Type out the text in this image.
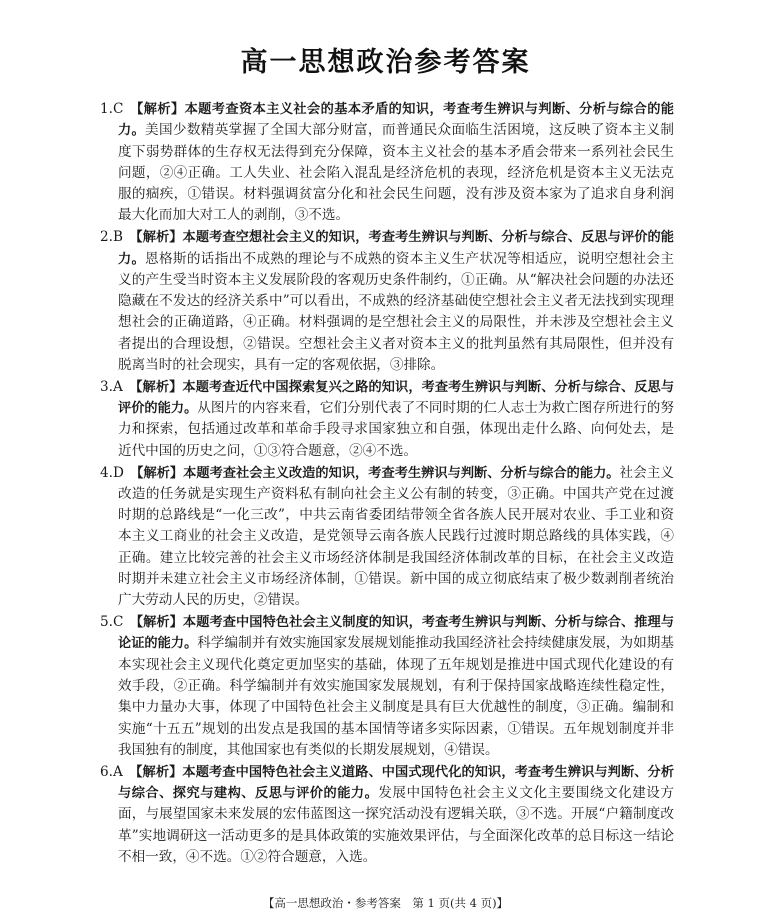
高一思想政治参考答案

1.C 【解析】本题考查资本主义社会的基本矛盾的知识，考查考生辨识与判断、分析与综合的能力。美国少数精英掌握了全国大部分财富，而普通民众面临生活困境，这反映了资本主义制度下弱势群体的生存权无法得到充分保障，资本主义社会的基本矛盾会带来一系列社会民生问题，②④正确。工人失业、社会陷入混乱是经济危机的表现，经济危机是资本主义无法克服的痼疾，①错误。材料强调贫富分化和社会民生问题，没有涉及资本家为了追求自身利润最大化而加大对工人的剥削，③不选。

2.B 【解析】本题考查空想社会主义的知识，考查考生辨识与判断、分析与综合、反思与评价的能力。恩格斯的话指出不成熟的理论与不成熟的资本主义生产状况等相适应，说明空想社会主义的产生受当时资本主义发展阶段的客观历史条件制约，①正确。从“解决社会问题的办法还隐藏在不发达的经济关系中”可以看出，不成熟的经济基础使空想社会主义者无法找到实现理想社会的正确道路，④正确。材料强调的是空想社会主义的局限性，并未涉及空想社会主义者提出的合理设想，②错误。空想社会主义者对资本主义的批判虽然有其局限性，但并没有脱离当时的社会现实，具有一定的客观依据，③排除。

3.A 【解析】本题考查近代中国探索复兴之路的知识，考查考生辨识与判断、分析与综合、反思与评价的能力。从图片的内容来看，它们分别代表了不同时期的仁人志士为救亡图存所进行的努力和探索，包括通过改革和革命手段寻求国家独立和自强，体现出走什么路、向何处去，是近代中国的历史之问，①③符合题意，②④不选。

4.D 【解析】本题考查社会主义改造的知识，考查考生辨识与判断、分析与综合的能力。社会主义改造的任务就是实现生产资料私有制向社会主义公有制的转变，③正确。中国共产党在过渡时期的总路线是“一化三改”，中共云南省委团结带领全省各族人民开展对农业、手工业和资本主义工商业的社会主义改造，是党领导云南各族人民践行过渡时期总路线的具体实践，④正确。建立比较完善的社会主义市场经济体制是我国经济体制改革的目标，在社会主义改造时期并未建立社会主义市场经济体制，①错误。新中国的成立彻底结束了极少数剥削者统治广大劳动人民的历史，②错误。

5.C 【解析】本题考查中国特色社会主义制度的知识，考查考生辨识与判断、分析与综合、推理与论证的能力。科学编制并有效实施国家发展规划能推动我国经济社会持续健康发展，为如期基本实现社会主义现代化奠定更加坚实的基础，体现了五年规划是推进中国式现代化建设的有效手段，②正确。科学编制并有效实施国家发展规划，有利于保持国家战略连续性稳定性，集中力量办大事，体现了中国特色社会主义制度是具有巨大优越性的制度，③正确。编制和实施“十五五”规划的出发点是我国的基本国情等诸多实际因素，①错误。五年规划制度并非我国独有的制度，其他国家也有类似的长期发展规划，④错误。

6.A 【解析】本题考查中国特色社会主义道路、中国式现代化的知识，考查考生辨识与判断、分析与综合、探究与建构、反思与评价的能力。发展中国特色社会主义文化主要围绕文化建设方面，与展望国家未来发展的宏伟蓝图这一探究活动没有逻辑关联，③不选。开展“户籍制度改革”实地调研这一活动更多的是具体政策的实施效果评估，与全面深化改革的总目标这一结论不相一致，④不选。①②符合题意，入选。

【高一思想政治・参考答案　第 1 页(共 4 页)】
